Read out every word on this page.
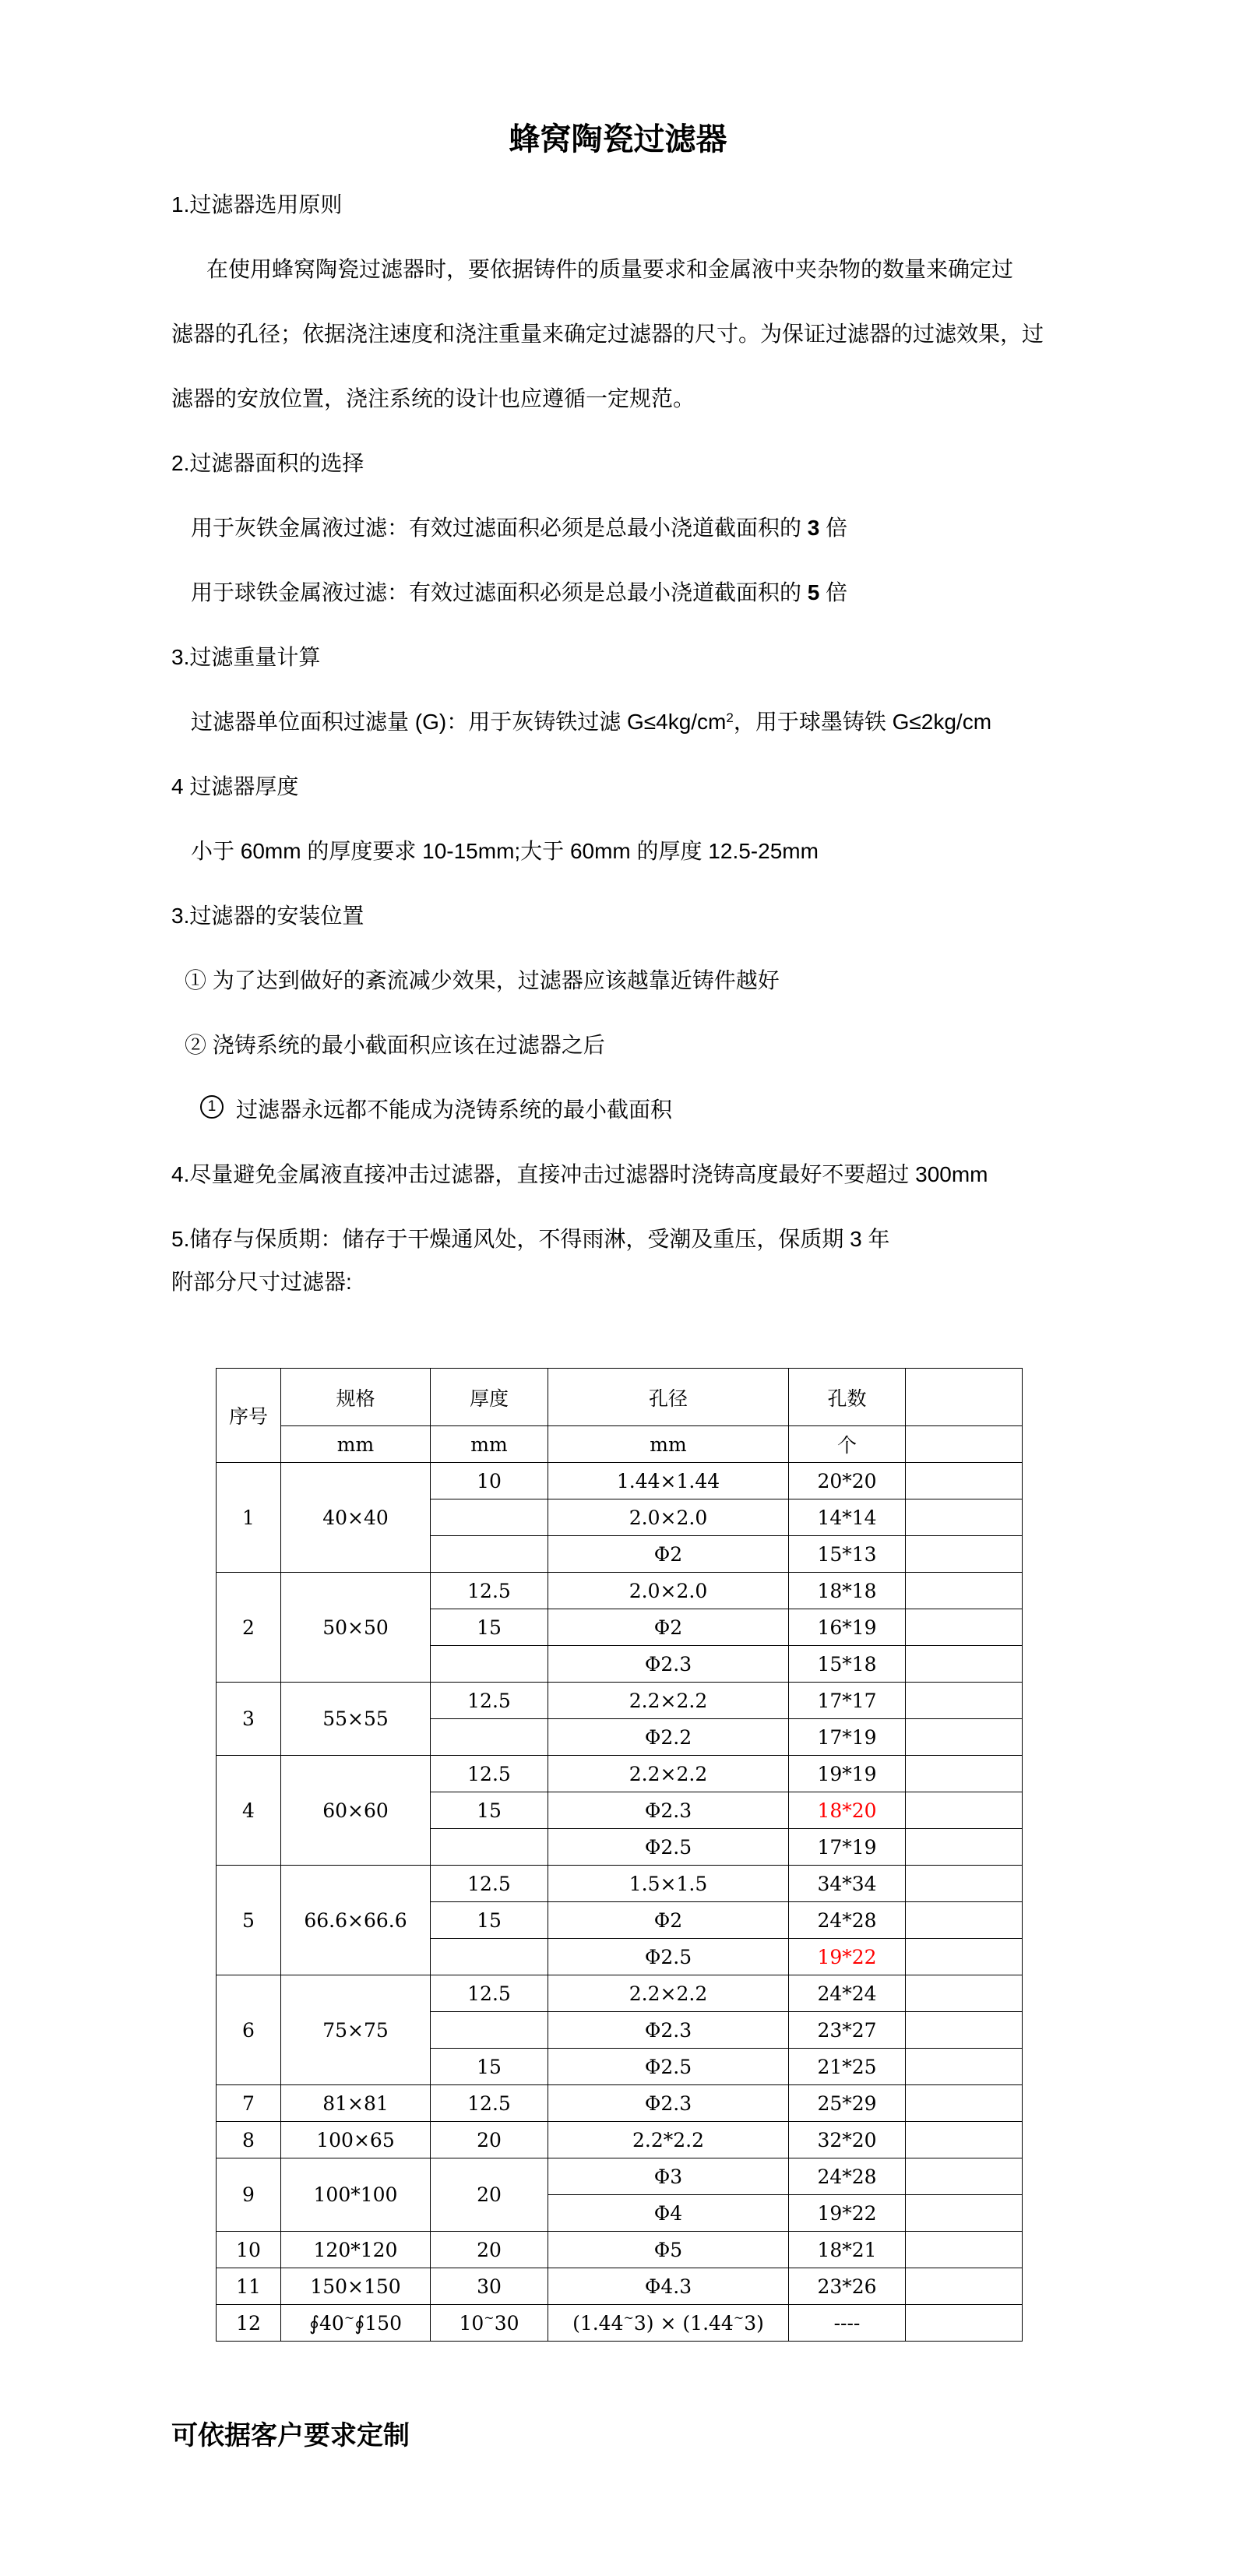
蜂窝陶瓷过滤器
1.过滤器选用原则
在使用蜂窝陶瓷过滤器时，要依据铸件的质量要求和金属液中夹杂物的数量来确定过
滤器的孔径；依据浇注速度和浇注重量来确定过滤器的尺寸。为保证过滤器的过滤效果，过
滤器的安放位置，浇注系统的设计也应遵循一定规范。
2.过滤器面积的选择
用于灰铁金属液过滤：有效过滤面积必须是总最小浇道截面积的 3 倍
用于球铁金属液过滤：有效过滤面积必须是总最小浇道截面积的 5 倍
3.过滤重量计算
过滤器单位面积过滤量 (G)：用于灰铸铁过滤 $G\le 4kg/cm^2$，用于球墨铸铁 G≤2kg/cm
4 过滤器厚度
小于 60mm 的厚度要求 10-15mm;大于 60mm 的厚度 12.5-25mm
3.过滤器的安装位置
① 为了达到做好的紊流减少效果，过滤器应该越靠近铸件越好
② 浇铸系统的最小截面积应该在过滤器之后
1 过滤器永远都不能成为浇铸系统的最小截面积
4.尽量避免金属液直接冲击过滤器，直接冲击过滤器时浇铸高度最好不要超过 300mm
5.储存与保质期：储存于干燥通风处，不得雨淋，受潮及重压，保质期 3 年
附部分尺寸过滤器:
序号	规格	厚度	孔径	孔数	
	mm	mm	mm	个	
1	40×40	10	1.44×1.44	20*20	
			2.0×2.0	14*14	
			Φ2	15*13	
2	50×50	12.5	2.0×2.0	18*18	
		15	Φ2	16*19	
			Φ2.3	15*18	
3	55×55	12.5	2.2×2.2	17*17	
			Φ2.2	17*19	
4	60×60	12.5	2.2×2.2	19*19	
		15	Φ2.3	18*20	
			Φ2.5	17*19	
5	66.6×66.6	12.5	1.5×1.5	34*34	
		15	Φ2	24*28	
			Φ2.5	19*22	
6	75×75	12.5	2.2×2.2	24*24	
			Φ2.3	23*27	
		15	Φ2.5	21*25	
7	81×81	12.5	Φ2.3	25*29	
8	100×65	20	2.2*2.2	32*20	
9	100*100	20	Φ3	24*28	
			Φ4	19*22	
10	120*120	20	Φ5	18*21	
11	150×150	30	Φ4.3	23*26	
12	∮40~∮150	10~30	(1.44~3) × (1.44~3)	----	
可依据客户要求定制
